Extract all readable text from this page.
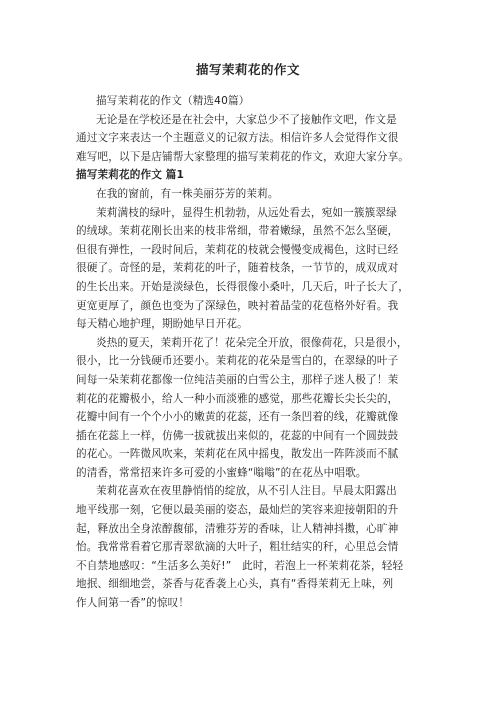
描写茉莉花的作文
描写茉莉花的作文（精选40篇）
无论是在学校还是在社会中，大家总少不了接触作文吧，作文是
通过文字来表达一个主题意义的记叙方法。相信许多人会觉得作文很
难写吧，以下是店铺帮大家整理的描写茉莉花的作文，欢迎大家分享。
描写茉莉花的作文 篇1
在我的窗前，有一株美丽芬芳的茉莉。
茉莉满枝的绿叶，显得生机勃勃，从远处看去，宛如一簇簇翠绿
的绒球。茉莉花刚长出来的枝非常细，带着嫩绿，虽然不怎么坚硬，
但很有弹性，一段时间后，茉莉花的枝就会慢慢变成褐色，这时已经
很硬了。奇怪的是，茉莉花的叶子，随着枝条，一节节的，成双成对
的生长出来。开始是淡绿色，长得很像小桑叶，几天后，叶子长大了，
更宽更厚了，颜色也变为了深绿色，映衬着晶莹的花苞格外好看。我
每天精心地护理，期盼她早日开花。
炎热的夏天，茉莉开花了！花朵完全开放，很像荷花，只是很小，
很小，比一分钱硬币还要小。茉莉花的花朵是雪白的，在翠绿的叶子
间每一朵茉莉花都像一位纯洁美丽的白雪公主，那样子迷人极了！茉
莉花的花瓣极小，给人一种小而淡雅的感觉，那些花瓣长尖长尖的，
花瓣中间有一个个小小的嫩黄的花蕊，还有一条凹着的线，花瓣就像
插在花蕊上一样，仿佛一拔就拔出来似的，花蕊的中间有一个圆鼓鼓
的花心。一阵微风吹来，茉莉花在风中摇曳，散发出一阵阵淡而不腻
的清香，常常招来许多可爱的小蜜蜂“嗡嗡”的在花丛中唱歌。
茉莉花喜欢在夜里静悄悄的绽放，从不引人注目。早晨太阳露出
地平线那一刻，它便以最美丽的姿态，最灿烂的笑容来迎接朝阳的升
起，释放出全身浓醇馥郁，清雅芬芳的香味，让人精神抖擞，心旷神
怡。我常常看着它那青翠欲滴的大叶子，粗壮结实的秆，心里总会情
不自禁地感叹：“生活多么美好!”　此时，若泡上一杯茉莉花茶，轻轻
地抿、细细地尝，茶香与花香袭上心头，真有“香得茉莉无上味，列
作人间第一香”的惊叹！
